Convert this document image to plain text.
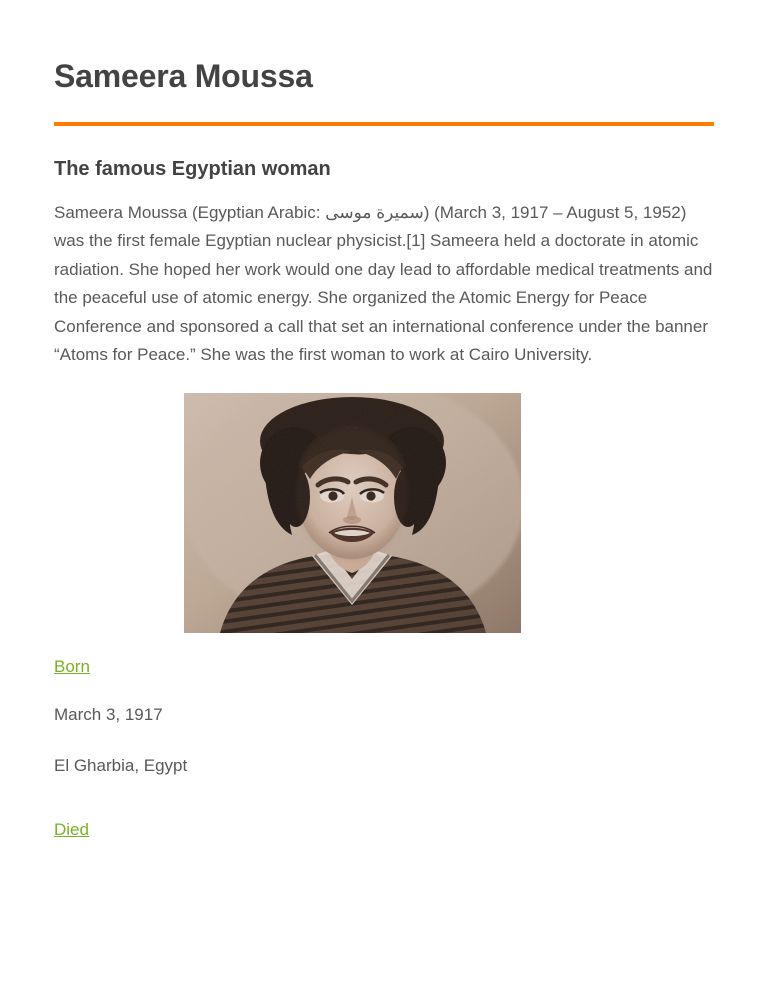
Sameera Moussa
The famous Egyptian woman

Sameera Moussa (Egyptian Arabic: سميرة موسى) (March 3, 1917 – August 5, 1952) was the first female Egyptian nuclear physicist.[1] Sameera held a doctorate in atomic radiation. She hoped her work would one day lead to affordable medical treatments and the peaceful use of atomic energy. She organized the Atomic Energy for Peace Conference and sponsored a call that set an international conference under the banner “Atoms for Peace.” She was the first woman to work at Cairo University.

Born
March 3, 1917
El Gharbia, Egypt

Died
